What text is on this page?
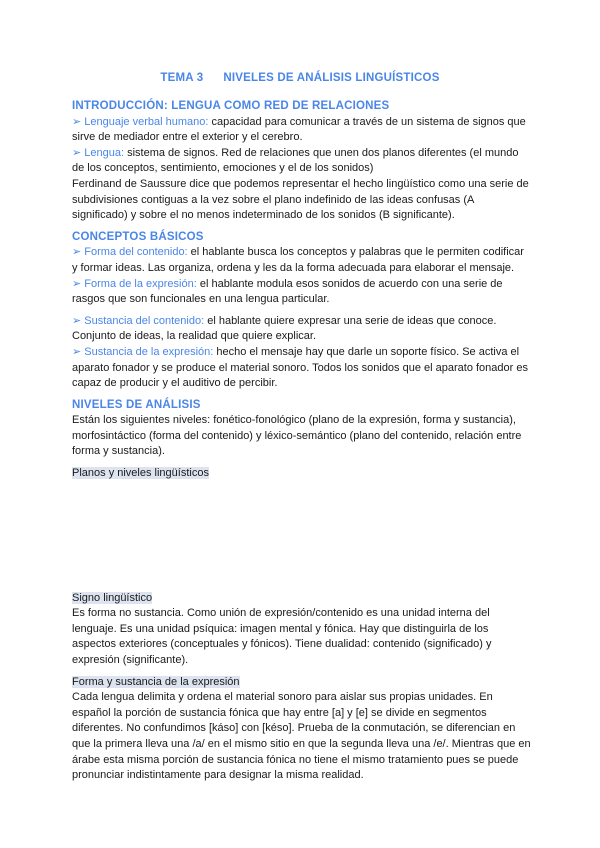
TEMA 3 NIVELES DE ANÁLISIS LINGUÍSTICOS

INTRODUCCIÓN: LENGUA COMO RED DE RELACIONES

➢ Lenguaje verbal humano: capacidad para comunicar a través de un sistema de signos que sirve de mediador entre el exterior y el cerebro.

➢ Lengua: sistema de signos. Red de relaciones que unen dos planos diferentes (el mundo de los conceptos, sentimiento, emociones y el de los sonidos)

Ferdinand de Saussure dice que podemos representar el hecho lingüístico como una serie de subdivisiones contiguas a la vez sobre el plano indefinido de las ideas confusas (A significado) y sobre el no menos indeterminado de los sonidos (B significante).

CONCEPTOS BÁSICOS

➢ Forma del contenido: el hablante busca los conceptos y palabras que le permiten codificar y formar ideas. Las organiza, ordena y les da la forma adecuada para elaborar el mensaje.

➢ Forma de la expresión: el hablante modula esos sonidos de acuerdo con una serie de rasgos que son funcionales en una lengua particular.

➢ Sustancia del contenido: el hablante quiere expresar una serie de ideas que conoce. Conjunto de ideas, la realidad que quiere explicar.

➢ Sustancia de la expresión: hecho el mensaje hay que darle un soporte físico. Se activa el aparato fonador y se produce el material sonoro. Todos los sonidos que el aparato fonador es capaz de producir y el auditivo de percibir.

NIVELES DE ANÁLISIS

Están los siguientes niveles: fonético-fonológico (plano de la expresión, forma y sustancia), morfosintáctico (forma del contenido) y léxico-semántico (plano del contenido, relación entre forma y sustancia).

Planos y niveles lingüísticos

Signo lingüístico

Es forma no sustancia. Como unión de expresión/contenido es una unidad interna del lenguaje. Es una unidad psíquica: imagen mental y fónica. Hay que distinguirla de los aspectos exteriores (conceptuales y fónicos). Tiene dualidad: contenido (significado) y expresión (significante).

Forma y sustancia de la expresión

Cada lengua delimita y ordena el material sonoro para aislar sus propias unidades. En español la porción de sustancia fónica que hay entre [a] y [e] se divide en segmentos diferentes. No confundimos [káso] con [késo]. Prueba de la conmutación, se diferencian en que la primera lleva una /a/ en el mismo sitio en que la segunda lleva una /e/. Mientras que en árabe esta misma porción de sustancia fónica no tiene el mismo tratamiento pues se puede pronunciar indistintamente para designar la misma realidad.
